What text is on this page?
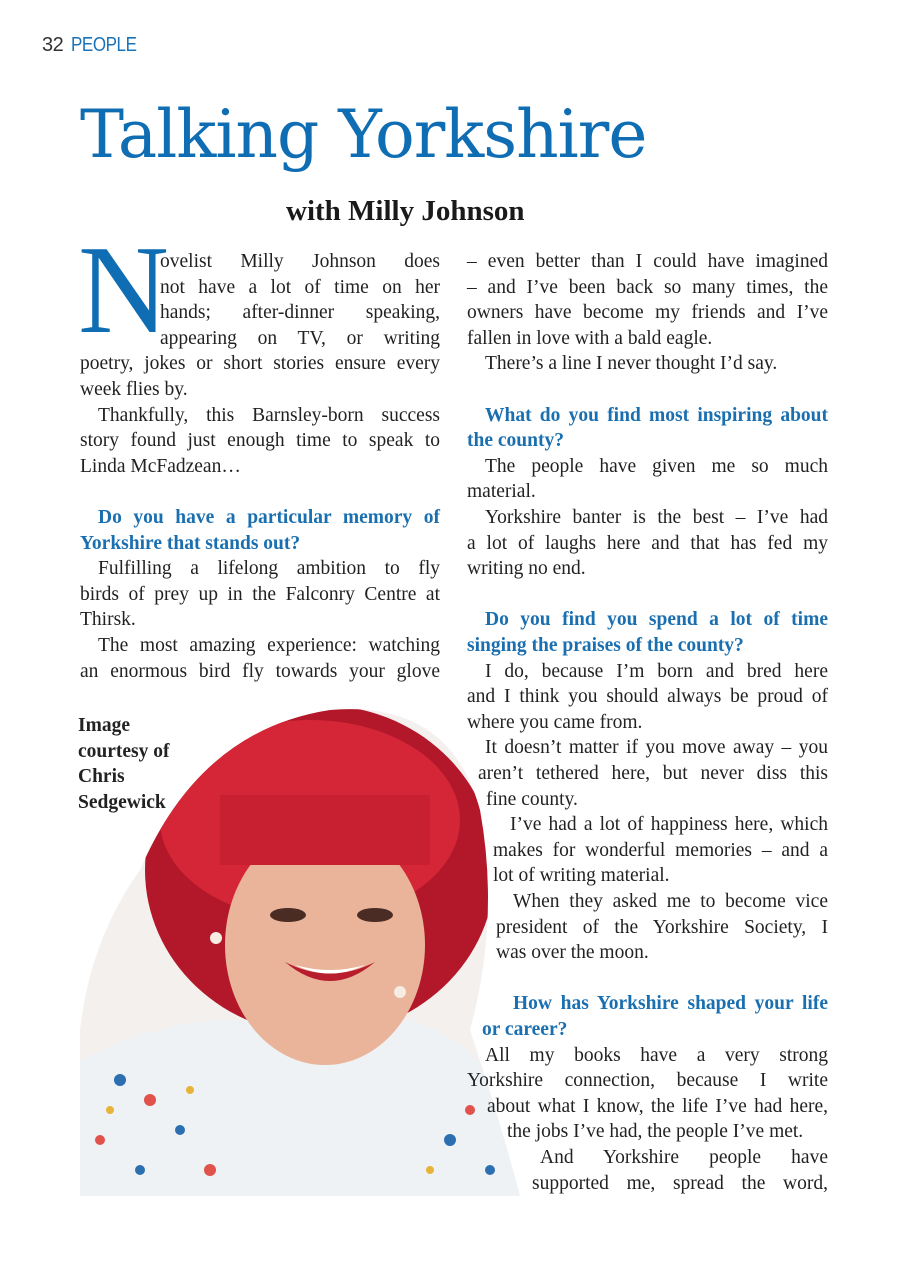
32 PEOPLE
Talking Yorkshire
with Milly Johnson
N
Image courtesy of Chris Sedgewick
ovelist Milly Johnson does
not have a lot of time on her
hands; after-dinner speaking,
appearing on TV, or writing
poetry, jokes or short stories ensure every
week flies by.
Thankfully, this Barnsley-born success
story found just enough time to speak to
Linda McFadzean…
Do you have a particular memory of
Yorkshire that stands out?
Fulfilling a lifelong ambition to fly
birds of prey up in the Falconry Centre at
Thirsk.
The most amazing experience: watching
an enormous bird fly towards your glove
– even better than I could have imagined
– and I’ve been back so many times, the
owners have become my friends and I’ve
fallen in love with a bald eagle.
There’s a line I never thought I’d say.
What do you find most inspiring about
the county?
The people have given me so much
material.
Yorkshire banter is the best – I’ve had
a lot of laughs here and that has fed my
writing no end.
Do you find you spend a lot of time
singing the praises of the county?
I do, because I’m born and bred here
and I think you should always be proud of
where you came from.
It doesn’t matter if you move away – you
aren’t tethered here, but never diss this
fine county.
I’ve had a lot of happiness here, which
makes for wonderful memories – and a
lot of writing material.
When they asked me to become vice
president of the Yorkshire Society, I
was over the moon.
How has Yorkshire shaped your life
or career?
All my books have a very strong
Yorkshire connection, because I write
about what I know, the life I’ve had here,
the jobs I’ve had, the people I’ve met.
And Yorkshire people have
supported me, spread the word,
